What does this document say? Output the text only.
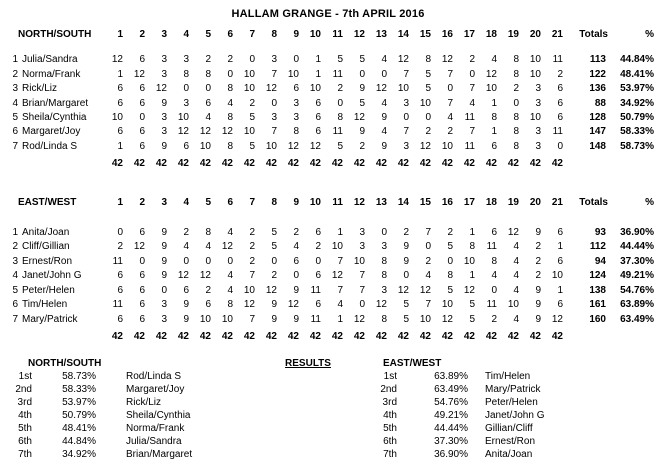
HALLAM GRANGE - 7th APRIL 2016
NORTH/SOUTH	1	2	3	4	5	6	7	8	9	10	11	12	13	14	15	16	17	18	19	20	21	Totals	%
1 Julia/Sandra	12	6	3	3	2	2	0	3	0	1	5	5	4	12	8	12	2	4	8	10	11	113	44.84%
2 Norma/Frank	1	12	3	8	8	0	10	7	10	1	11	0	0	7	5	7	0	12	8	10	2	122	48.41%
3 Rick/Liz	6	6	12	0	0	8	10	12	6	10	2	9	12	10	5	0	7	10	2	3	6	136	53.97%
4 Brian/Margaret	6	6	9	3	6	4	2	0	3	6	0	5	4	3	10	7	4	1	0	3	6	88	34.92%
5 Sheila/Cynthia	10	0	3	10	4	8	5	3	3	6	8	12	9	0	0	4	11	8	8	10	6	128	50.79%
6 Margaret/Joy	6	6	3	12	12	12	10	7	8	6	11	9	4	7	2	2	7	1	8	3	11	147	58.33%
7 Rod/Linda S	1	6	9	6	10	8	5	10	12	12	5	2	9	3	12	10	11	6	8	3	0	148	58.73%
42	42	42	42	42	42	42	42	42	42	42	42	42	42	42	42	42	42	42	42	42
EAST/WEST	1	2	3	4	5	6	7	8	9	10	11	12	13	14	15	16	17	18	19	20	21	Totals	%
1 Anita/Joan	0	6	9	2	8	4	2	5	2	6	1	3	0	2	7	2	1	6	12	9	6	93	36.90%
2 Cliff/Gillian	2	12	9	4	4	12	2	5	4	2	10	3	3	9	0	5	8	11	4	2	1	112	44.44%
3 Ernest/Ron	11	0	9	0	0	0	2	0	6	0	7	10	8	9	2	0	10	8	4	2	6	94	37.30%
4 Janet/John G	6	6	9	12	12	4	7	2	0	6	12	7	8	0	4	8	1	4	4	2	10	124	49.21%
5 Peter/Helen	6	6	0	6	2	4	10	12	9	11	7	7	3	12	12	5	12	0	4	9	1	138	54.76%
6 Tim/Helen	11	6	3	9	6	8	12	9	12	6	4	0	12	5	7	10	5	11	10	9	6	161	63.89%
7 Mary/Patrick	6	6	3	9	10	10	7	9	9	11	1	12	8	5	10	12	5	2	4	9	12	160	63.49%
42	42	42	42	42	42	42	42	42	42	42	42	42	42	42	42	42	42	42	42	42
NORTH/SOUTH
1st	58.73%	Rod/Linda S
2nd	58.33%	Margaret/Joy
3rd	53.97%	Rick/Liz
4th	50.79%	Sheila/Cynthia
5th	48.41%	Norma/Frank
6th	44.84%	Julia/Sandra
7th	34.92%	Brian/Margaret
RESULTS	EAST/WEST
1st	63.89%	Tim/Helen
2nd	63.49%	Mary/Patrick
3rd	54.76%	Peter/Helen
4th	49.21%	Janet/John G
5th	44.44%	Gillian/Cliff
6th	37.30%	Ernest/Ron
7th	36.90%	Anita/Joan
